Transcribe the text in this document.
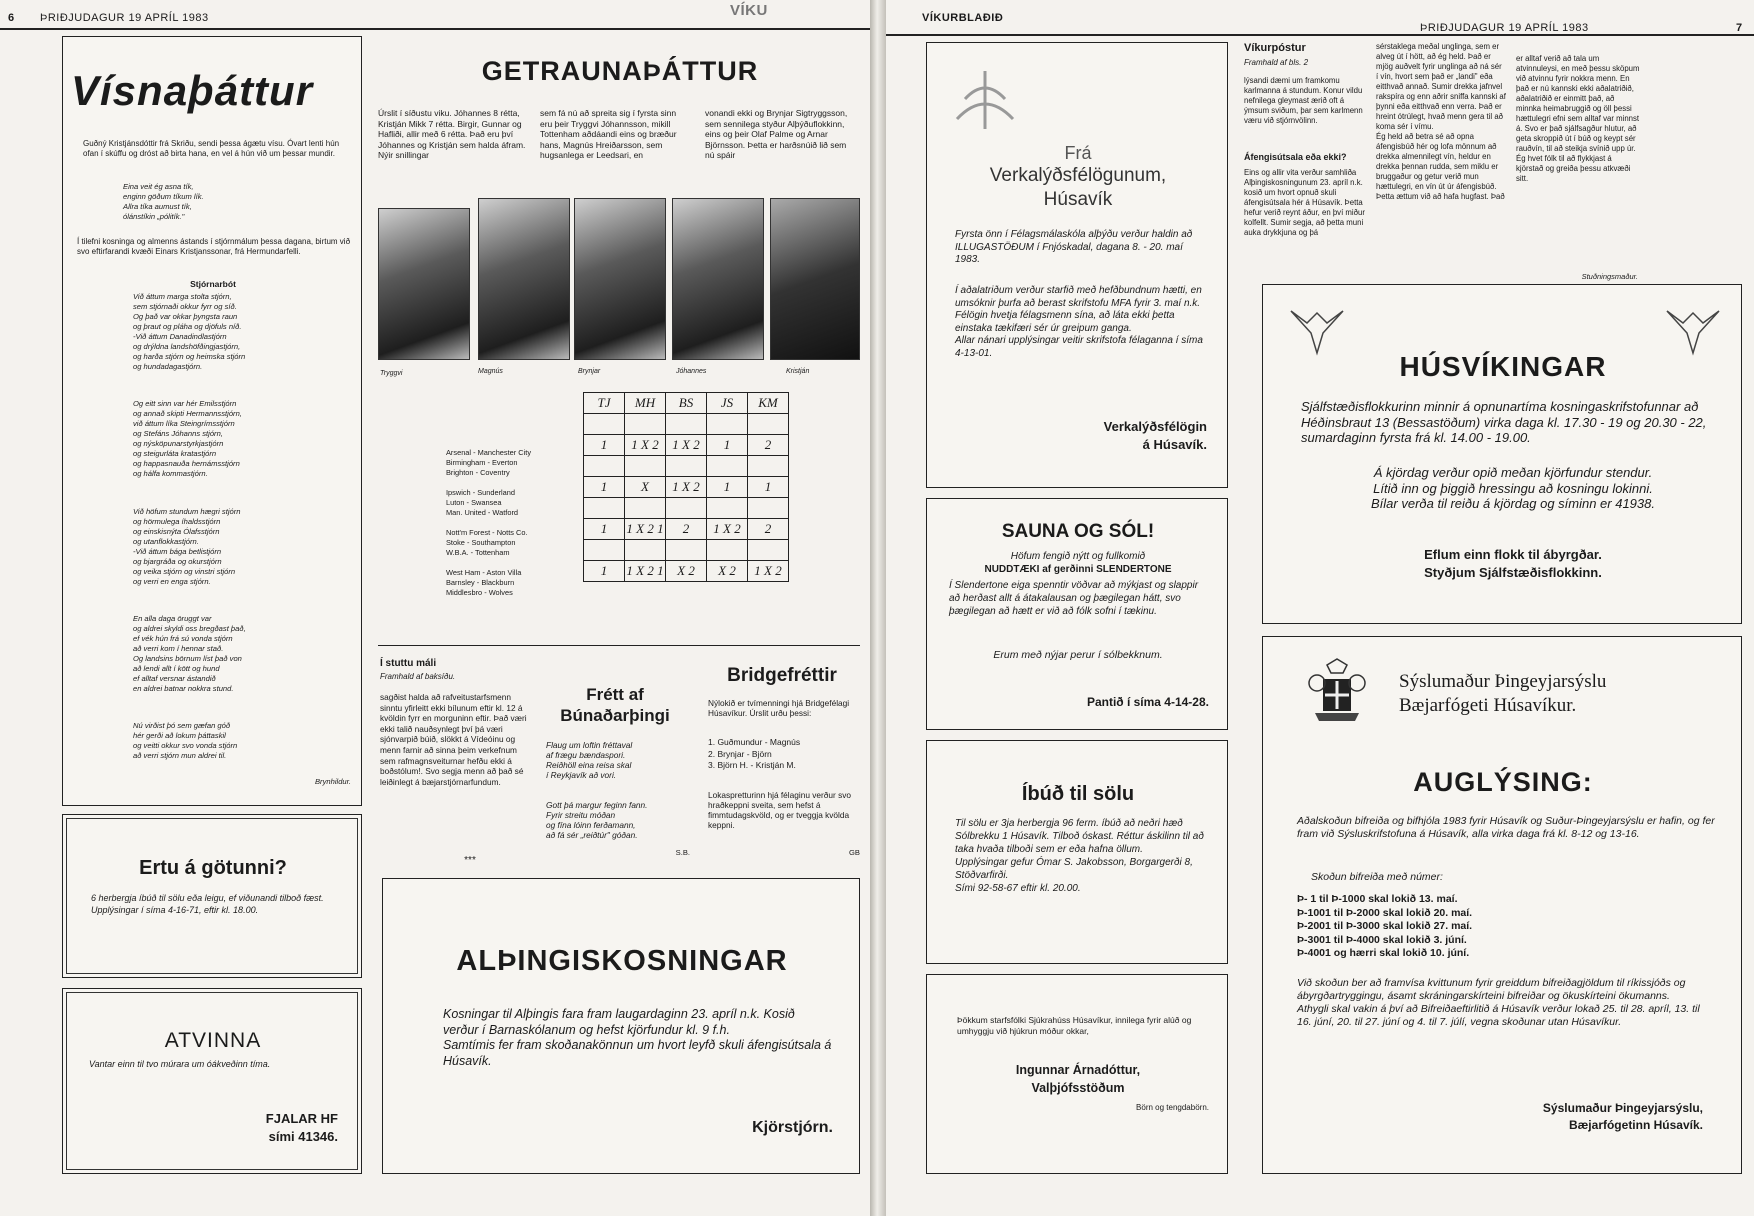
6 ÞRIÐJUDAGUR 19 APRÍL 1983	VÍKU
Vísnaþáttur
Guðný Kristjánsdóttir frá Skriðu, sendi þessa ágætu vísu. Óvart lenti hún ofan í skúffu og dróst að birta hana, en vel á hún við um þessar mundir.
Eina veit ég asna tík,
enginn göðum tíkum lík.
Allra tíka aumust tík,
ólánstíkin „pólitík."
Í tilefni kosninga og almenns ástands í stjórnmálum þessa dagana, birtum við svo eftirfarandi kvæði Einars Kristjanssonar, frá Hermundarfelli.
Stjórnarbót
Við áttum marga stolta stjórn,
sem stjórnaði okkur fyrr og síð.
Og það var okkar þyngsta raun
og þraut og pláha og djöfuls níð.
-Við áttum Danadindlastjórn
og drýldna landshöfðingjastjórn,
og harða stjórn og heimska stjórn
og hundadagastjórn.
Og eitt sinn var hér Emilsstjórn
og annað skipti Hermannsstjórn,
við áttum líka Steingrímsstjórn
og Stefáns Jóhanns stjórn,
og nýsköpunarstyrkjastjórn
og steigurláta kratastjórn
og happasnauða hernámsstjórn
og hálfa kommastjórn.
Við höfum stundum hægri stjórn
og hörmulega íhaldsstjórn
og einskisnýta Ólafsstjórn
og utanflokkastjórn.
-Við áttum bága betlistjórn
og bjargráða og okurstjórn
og veika stjórn og vinstri stjórn
og verri en enga stjórn.
En alla daga öruggt var
og aldrei skyldi oss bregðast það,
ef vék hún frá sú vonda stjórn
að verri kom í hennar stað.
Og landsins börnum líst það von
að lendi allt í kött og hund
ef alltaf versnar ástandið
en aldrei batnar nokkra stund.
Nú virðist þó sem gæfan góð
hér gerði að lokum þáttaskil
og veitti okkur svo vonda stjórn
að verri stjórn mun aldrei til.
Brynhildur.
Ertu á götunni?
6 herbergja íbúð til sölu eða leigu, ef viðunandi tilboð fæst. Upplýsingar í síma 4-16-71, eftir kl. 18.00.
ATVINNA
Vantar einn til tvo múrara um óákveðinn tíma.
FJALAR HF
sími 41346.
GETRAUNAÞÁTTUR
Úrslit í síðustu viku. Jóhannes 8 rétta, Kristján Mikk 7 rétta. Birgir, Gunnar og Hafliði, allir með 6 rétta. Það eru því Jóhannes og Kristján sem halda áfram. Nýir snillingar
sem fá nú að spreita sig í fyrsta sinn eru þeir Tryggvi Jóhannsson, mikill Tottenham aðdáandi eins og bræður hans, Magnús Hreiðarsson, sem hugsanlega er Leedsari, en
vonandi ekki og Brynjar Sigtryggsson, sem sennilega styður Alþýðuflokkinn, eins og þeir Olaf Palme og Arnar Björnsson. Þetta er harðsnúið lið sem nú spáir
Tryggvi	Magnús	Brynjar	Jóhannes	Kristján
Arsenal - Manchester City
Birmingham - Everton
Brighton - Coventry
Ipswich - Sunderland
Luton - Swansea
Man. United - Watford
Nott'm Forest - Notts Co.
Stoke - Southampton
W.B.A. - Tottenham
West Ham - Aston Villa
Barnsley - Blackburn
Middlesbro - Wolves
TJ	MH	BS	JS	KM

1	1 X 2	1 X 2	1	2

1	X	1 X 2	1	1

1	1 X 2 1	2	1 X 2	2

1	1 X 2 1	X 2	X 2	1 X 2
Í stuttu máli
Framhald af baksíðu.
sagðist halda að rafveitustarfsmenn sinntu yfirleitt ekki bílunum eftir kl. 12 á kvöldin fyrr en morguninn eftir. Það væri ekki talið nauðsynlegt því þá væri sjónvarpið búið, slökkt á Vídeóinu og menn farnir að sinna þeim verkefnum sem rafmagnsveiturnar hefðu ekki á boðstólum!. Svo segja menn að það sé leiðinlegt á bæjarstjórnarfundum.
***
Frétt af Búnaðarþingi
Flaug um loftin fréttaval
af frægu bændaspori.
Reiðhöll eina reisa skal
í Reykjavík að vori.
Gott þá margur feginn fann.
Fyrir streitu móðan
og fína lóinn ferðamann,
að fá sér „reiðtúr" góðan.
S.B.
Bridgefréttir
Nýlokið er tvímenningi hjá Bridgefélagi Húsavíkur. Úrslit urðu þessi:
1. Guðmundur - Magnús
2. Brynjar - Björn
3. Björn H. - Kristján M.
Lokaspretturinn hjá félaginu verður svo hraðkeppni sveita, sem hefst á fimmtudagskvöld, og er tveggja kvölda keppni.
GB
ALÞINGISKOSNINGAR
Kosningar til Alþingis fara fram laugardaginn 23. apríl n.k. Kosið verður í Barnaskólanum og hefst kjörfundur kl. 9 f.h.
Samtímis fer fram skoðanakönnun um hvort leyfð skuli áfengisútsala á Húsavík.
Kjörstjórn.
VÍKURBLAÐIÐ
ÞRIÐJUDAGUR 19 APRÍL 1983	7
Frá
Verkalýðsfélögunum,
Húsavík
Fyrsta önn í Félagsmálaskóla alþýðu verður haldin að ILLUGASTÖÐUM í Fnjóskadal, dagana 8. - 20. maí 1983.
Í aðalatriðum verður starfið með hefðbundnum hætti, en umsóknir þurfa að berast skrifstofu MFA fyrir 3. maí n.k.
Félögin hvetja félagsmenn sína, að láta ekki þetta einstaka tækifæri sér úr greipum ganga.
Allar nánari upplýsingar veitir skrifstofa félaganna í síma 4-13-01.
Verkalýðsfélögin
á Húsavík.
Víkurpóstur
Framhald af bls. 2
lýsandi dæmi um framkomu karlmanna á stundum. Konur vildu nefnilega gleymast ærið oft á ýmsum sviðum, þar sem karlmenn væru við stjórnvölinn.
Áfengisútsala eða ekki?
Eins og allir vita verður samhliða Alþingiskosningunum 23. apríl n.k. kosið um hvort opnuð skuli áfengisútsala hér á Húsavík. Þetta hefur verið reynt áður, en því miður kolfellt. Sumir segja, að þetta muni auka drykkjuna og þá
sérstaklega meðal unglinga, sem er alveg út í hött, að ég held. Það er mjög auðvelt fyrir unglinga að ná sér í vín, hvort sem það er „landi" eða eitthvað annað. Sumir drekka jafnvel rakspíra og enn aðrir sniffa kannski af þynni eða eitthvað enn verra. Það er hreint ótrúlegt, hvað menn gera til að koma sér í vímu.
Ég held að betra sé að opna áfengisbúð hér og lofa mönnum að drekka almennilegt vín, heldur en drekka þennan rudda, sem miklu er bruggaður og getur verið mun hættulegri, en vín út úr áfengisbúð. Þetta ættum við að hafa hugfast. Það
er alltaf verið að tala um atvinnuleysi, en með þessu sköpum við atvinnu fyrir nokkra menn. En það er nú kannski ekki aðalatriðið, aðalatriðið er einmitt það, að minnka heimabruggið og öll þessi hættulegri efni sem alltaf var minnst á. Svo er það sjálfsagður hlutur, að geta skroppið út í búð og keypt sér rauðvín, til að steikja svínið upp úr. Ég hvet fólk til að flykkjast á kjörstað og greiða þessu atkvæði sitt.
Stuðningsmaður.
HÚSVÍKINGAR
Sjálfstæðisflokkurinn minnir á opnunartíma kosningaskrifstofunnar að Héðinsbraut 13 (Bessastöðum) virka daga kl. 17.30 - 19 og 20.30 - 22, sumardaginn fyrsta frá kl. 14.00 - 19.00.
Á kjördag verður opið meðan kjörfundur stendur.
Lítið inn og þiggið hressingu að kosningu lokinni.
Bílar verða til reiðu á kjördag og síminn er 41938.
Eflum einn flokk til ábyrgðar.
Styðjum Sjálfstæðisflokkinn.
SAUNA OG SÓL!
Höfum fengið nýtt og fullkomið
NUDDTÆKI af gerðinni SLENDERTONE
Í Slendertone eiga spenntir vöðvar að mýkjast og slappir að herðast allt á átakalausan og þægilegan hátt, svo þægilegan að hætt er við að fólk sofni í tækinu.
Erum með nýjar perur í sólbekknum.
Pantið í síma 4-14-28.
Íbúð til sölu
Til sölu er 3ja herbergja 96 ferm. íbúð að neðri hæð Sólbrekku 1 Húsavík. Tilboð óskast. Réttur áskilinn til að taka hvaða tilboði sem er eða hafna öllum.
Upplýsingar gefur Ómar S. Jakobsson, Borgargerði 8, Stöðvarfirði.
Sími 92-58-67 eftir kl. 20.00.
Þökkum starfsfólki Sjúkrahúss Húsavíkur, innilega fyrir alúð og umhyggju við hjúkrun móður okkar,
Ingunnar Árnadóttur,
Valþjófsstöðum
Börn og tengdabörn.
Sýslumaður Þingeyjarsýslu
Bæjarfógeti Húsavíkur.
AUGLÝSING:
Aðalskoðun bifreiða og bifhjóla 1983 fyrir Húsavík og Suður-Þingeyjarsýslu er hafin, og fer fram við Sýsluskrifstofuna á Húsavík, alla virka daga frá kl. 8-12 og 13-16.
Skoðun bifreiða með númer:
Þ- 1 til Þ-1000 skal lokið 13. maí.
Þ-1001 til Þ-2000 skal lokið 20. maí.
Þ-2001 til Þ-3000 skal lokið 27. maí.
Þ-3001 til Þ-4000 skal lokið 3. júní.
Þ-4001 og hærri skal lokið 10. júní.
Við skoðun ber að framvísa kvittunum fyrir greiddum bifreiðagjöldum til ríkissjóðs og ábyrgðartryggingu, ásamt skráningarskírteini bifreiðar og ökuskírteini ökumanns.
Athygli skal vakin á því að Bifreiðaeftirlitið á Húsavík verður lokað 25. til 28. apríl, 13. til 16. júní, 20. til 27. júní og 4. til 7. júlí, vegna skoðunar utan Húsavíkur.
Sýslumaður Þingeyjarsýslu,
Bæjarfógetinn Húsavík.
